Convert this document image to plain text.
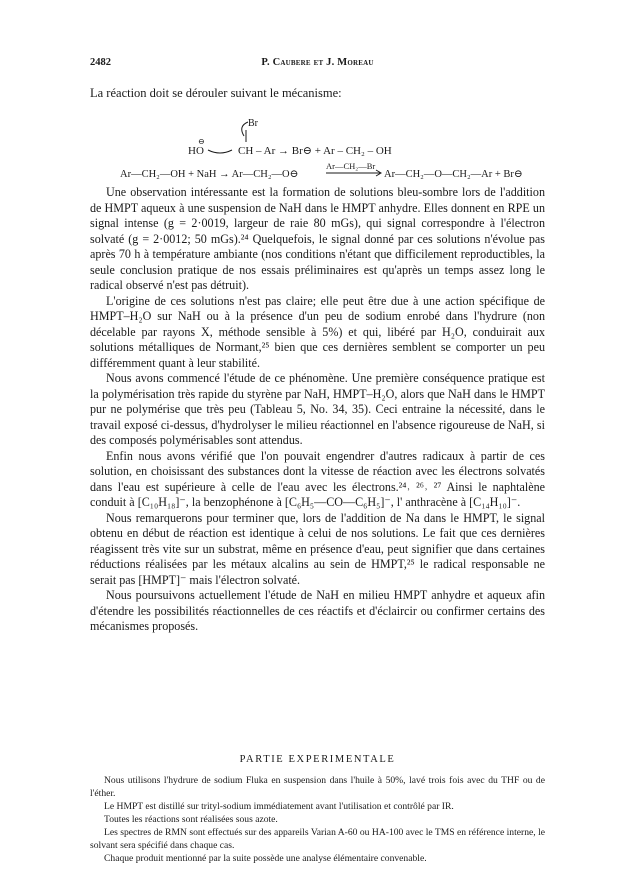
2482	P. Caubere et J. Moreau

La réaction doit se dérouler suivant le mécanisme:

Br
HO
⊖
CH – Ar → Br⊖ + Ar – CH₂ – OH
Ar—CH₂—OH + NaH → Ar—CH₂—O⊖
Ar—CH₂—Br
Ar—CH₂—O—CH₂—Ar + Br⊖

Une observation intéressante est la formation de solutions bleu-sombre lors de l'addition de HMPT aqueux à une suspension de NaH dans le HMPT anhydre. Elles donnent en RPE un signal intense (g = 2·0019, largeur de raie 80 mGs), qui signal correspondre à l'électron solvaté (g = 2·0012; 50 mGs).²⁴ Quelquefois, le signal donné par ces solutions n'évolue pas après 70 h à température ambiante (nos conditions n'étant que difficilement reproductibles, la seule conclusion pratique de nos essais préliminaires est qu'après un temps assez long le radical observé n'est pas détruit).

L'origine de ces solutions n'est pas claire; elle peut être due à une action spécifique de HMPT–H₂O sur NaH ou à la présence d'un peu de sodium enrobé dans l'hydrure (non décelable par rayons X, méthode sensible à 5%) et qui, libéré par H₂O, conduirait aux solutions métalliques de Normant,²⁵ bien que ces dernières semblent se comporter un peu différemment quant à leur stabilité.

Nous avons commencé l'étude de ce phénomène. Une première conséquence pratique est la polymérisation très rapide du styrène par NaH, HMPT–H₂O, alors que NaH dans le HMPT pur ne polymérise que très peu (Tableau 5, No. 34, 35). Ceci entraine la nécessité, dans le travail exposé ci-dessus, d'hydrolyser le milieu réactionnel en l'absence rigoureuse de NaH, si des composés polymérisables sont attendus.

Enfin nous avons vérifié que l'on pouvait engendrer d'autres radicaux à partir de ces solution, en choisissant des substances dont la vitesse de réaction avec les électrons solvatés dans l'eau est supérieure à celle de l'eau avec les électrons.²⁴˒ ²⁶˒ ²⁷ Ainsi le naphtalène conduit à [C₁₀H₁₈]⁻, la benzophénone à [C₆H₅—CO—C₆H₅]⁻, l' anthracène à [C₁₄H₁₀]⁻.

Nous remarquerons pour terminer que, lors de l'addition de Na dans le HMPT, le signal obtenu en début de réaction est identique à celui de nos solutions. Le fait que ces dernières réagissent très vite sur un substrat, même en présence d'eau, peut signifier que dans certaines réductions réalisées par les métaux alcalins au sein de HMPT,²⁵ le radical responsable ne serait pas [HMPT]⁻ mais l'électron solvaté.

Nous poursuivons actuellement l'étude de NaH en milieu HMPT anhydre et aqueux afin d'étendre les possibilités réactionnelles de ces réactifs et d'éclaircir ou confirmer certains des mécanismes proposés.

PARTIE EXPERIMENTALE

Nous utilisons l'hydrure de sodium Fluka en suspension dans l'huile à 50%, lavé trois fois avec du THF ou de l'éther.

Le HMPT est distillé sur trityl-sodium immédiatement avant l'utilisation et contrôlé par IR.

Toutes les réactions sont réalisées sous azote.

Les spectres de RMN sont effectués sur des appareils Varian A-60 ou HA-100 avec le TMS en référence interne, le solvant sera spécifié dans chaque cas.

Chaque produit mentionné par la suite possède une analyse élémentaire convenable.
